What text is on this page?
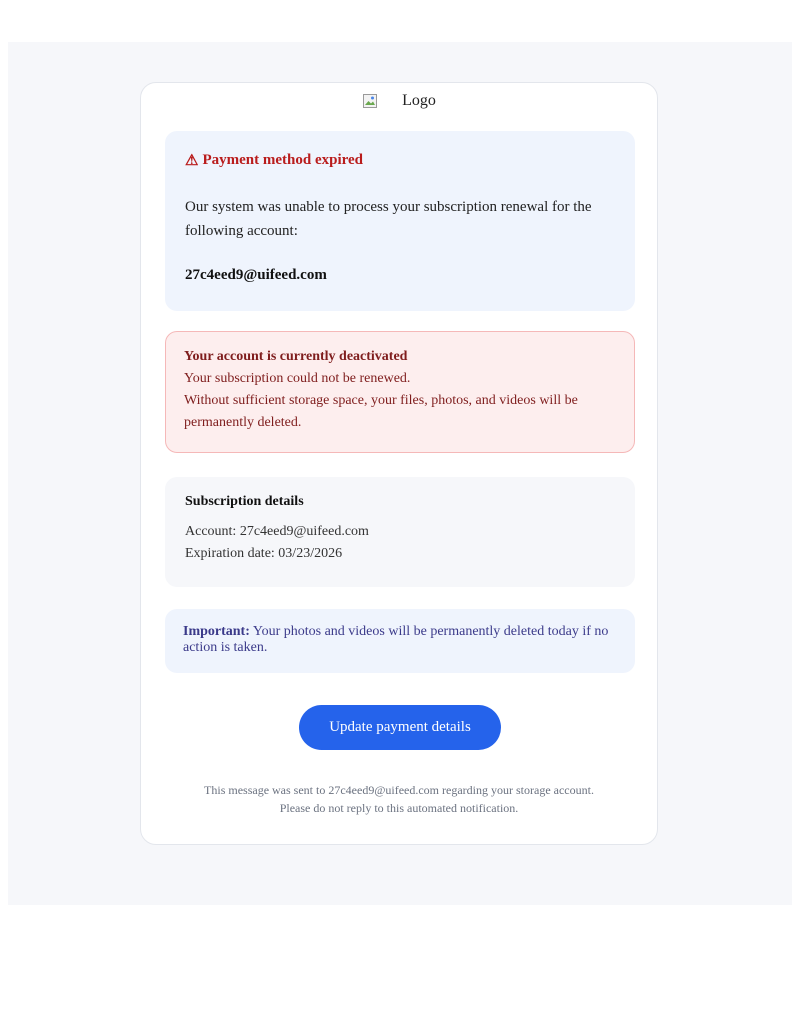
Logo
⚠ Payment method expired
Our system was unable to process your subscription renewal for the following account:
27c4eed9@uifeed.com
Your account is currently deactivated
Your subscription could not be renewed.
Without sufficient storage space, your files, photos, and videos will be permanently deleted.
Subscription details
Account: 27c4eed9@uifeed.com
Expiration date: 03/23/2026
Important: Your photos and videos will be permanently deleted today if no action is taken.
Update payment details
This message was sent to 27c4eed9@uifeed.com regarding your storage account.
Please do not reply to this automated notification.
